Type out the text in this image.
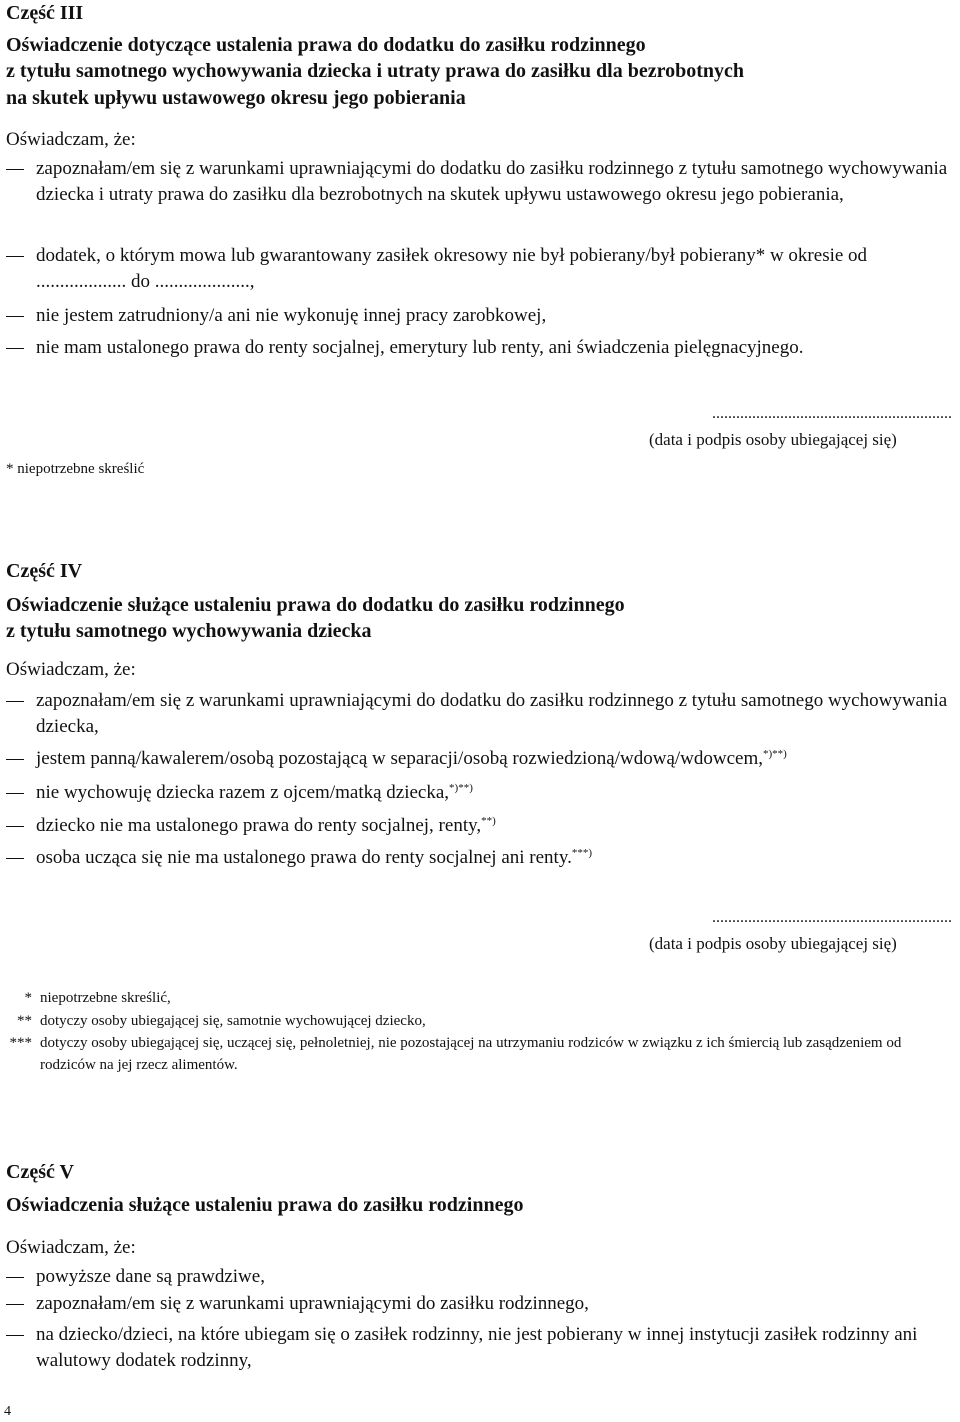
Część III
Oświadczenie dotyczące ustalenia prawa do dodatku do zasiłku rodzinnego
z tytułu samotnego wychowywania dziecka i utraty prawa do zasiłku dla bezrobotnych
na skutek upływu ustawowego okresu jego pobierania
Oświadczam, że:
zapoznałam/em się z warunkami uprawniającymi do dodatku do zasiłku rodzinnego z tytułu samotnego wychowywania dziecka i utraty prawa do zasiłku dla bezrobotnych na skutek upływu ustawowego okresu jego pobierania,
dodatek, o którym mowa lub gwarantowany zasiłek okresowy nie był pobierany/był pobierany* w okresie od ................... do ....................,
nie jestem zatrudniony/a ani nie wykonuję innej pracy zarobkowej,
nie mam ustalonego prawa do renty socjalnej, emerytury lub renty, ani świadczenia pielęgnacyjnego.
............................................................
(data i podpis osoby ubiegającej się)
* niepotrzebne skreślić
Część IV
Oświadczenie służące ustaleniu prawa do dodatku do zasiłku rodzinnego
z tytułu samotnego wychowywania dziecka
Oświadczam, że:
zapoznałam/em się z warunkami uprawniającymi do dodatku do zasiłku rodzinnego z tytułu samotnego wychowywania dziecka,
jestem panną/kawalerem/osobą pozostającą w separacji/osobą rozwiedzioną/wdową/wdowcem,*)**)
nie wychowuję dziecka razem z ojcem/matką dziecka,*)**)
dziecko nie ma ustalonego prawa do renty socjalnej, renty,**)
osoba ucząca się nie ma ustalonego prawa do renty socjalnej ani renty.***)
............................................................
(data i podpis osoby ubiegającej się)
* niepotrzebne skreślić,
** dotyczy osoby ubiegającej się, samotnie wychowującej dziecko,
*** dotyczy osoby ubiegającej się, uczącej się, pełnoletniej, nie pozostającej na utrzymaniu rodziców w związku z ich śmiercią lub zasądzeniem od rodziców na jej rzecz alimentów.
Część V
Oświadczenia służące ustaleniu prawa do zasiłku rodzinnego
Oświadczam, że:
powyższe dane są prawdziwe,
zapoznałam/em się z warunkami uprawniającymi do zasiłku rodzinnego,
na dziecko/dzieci, na które ubiegam się o zasiłek rodzinny, nie jest pobierany w innej instytucji zasiłek rodzinny ani walutowy dodatek rodzinny,
4
